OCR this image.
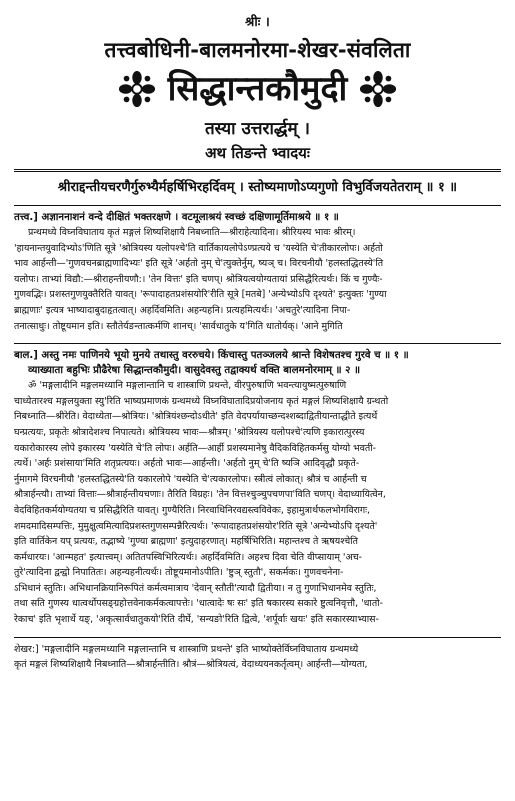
श्रीः ।
तत्त्वबोधिनी-बालमनोरमा-शेखर-संवलिता
सिद्धान्तकौमुदी
तस्या उत्तरार्द्धम् ।
अथ तिङन्ते भ्वादयः
श्रीराद्दन्तीयचरणैर्गुरुभ्यैर्महर्षिभिरहर्दिवम् । स्तोष्यमाणोऽप्यगुणो विभुर्विजयतेतराम् ॥ १ ॥

तत्त्व.] अज्ञाननाशनं वन्दे दीक्षितं भक्तरक्षणे । वटमूलाश्रयं स्वच्छं दक्षिणामूर्तिमाश्रये ॥ १ ॥

प्रन्थमध्ये विघ्नविघाताय कृतं मङ्गलं शिष्यशिक्षायै निबध्नाति—श्रीराहेत्यादिना। श्रीरियस्य भावः श्रीरम्।

'हायनान्तयुवादिभ्योऽ'णिति सूत्रे 'श्रोत्रियस्य यलोपश्चे'ति वार्तिकायलोपेऽण्प्रत्यये च 'यस्येति चे'तीकारलोपः। अर्हतो

भाव आर्हन्ती—'गुणवचनब्राह्मणादिभ्यः' इति सूत्रे 'अर्हतो नुम् चे'त्युक्तेर्नुम्, ष्यञ् च। विरचनीयौ 'हलस्तद्धितस्ये'ति

यलोपः। ताभ्यां विद्यौ:—श्रीराहन्तीयणौ:। 'तेन वित्तः' इति चणप्। श्रोत्रियत्वयोग्यतायां प्रसिद्धैरित्यर्थः। किं च गुण्यैः-

गुणवद्भिः। प्रशस्तगुणयुक्तैरिति यावत्। 'रूपादाहतप्रशंसयोरि'रीति सूत्रे [मतबे] 'अन्येभ्योऽपि दृश्यते' इत्युक्तः 'गुण्या

ब्राह्मणाः' इत्यत्र भाष्यादाबुदाहृतत्वात्। अहर्दिवमिति। अहन्यहनि। प्रत्यहमित्यर्थः। 'अचतुरे'त्यादिना निपा-

तनात्साधुः। तोष्टूयमान इति। स्तौतेर्यङन्तात्कर्मणि शानच्। 'सार्वधातुके य'गिति धातोर्यक्। 'आने मुगिति

बाल.] अस्तु नमः पाणिनये भूयो मुनये तथास्तु वररुचये। किंचास्तु पतञ्जलये श्रान्ते विशेषतश्च गुरवे च ॥ १ ॥

व्याख्याता बहुभिः प्रौढैरेषा सिद्धान्तकौमुदी। वासुदेवस्तु तद्वाक्यर्थ वक्ति बालमनोरमाम् ॥ २ ॥

ॐ 'मङ्गलादीनि मङ्गलमध्यानि मङ्गलान्तानि च शास्त्राणि प्रथन्ते, वीरपुरुषाणि भवन्त्यायुष्मत्पुरुषाणि

चाध्येतारश्च मङ्गलयुक्ता स्यु'रिति भाष्यप्रमाणकं ग्रन्थमध्ये विघ्नविघातादिप्रयोजनाय कृतं मङ्गलं शिष्यशिक्षायै ग्रन्थतो

निबध्नाति—श्रीरेति। वेदाध्येता—श्रोत्रियः। 'श्रोत्रियंश्छन्दोऽधीते' इति वेदपर्यायाच्छन्दश्शब्दाद्वितीयान्ताद्धीते इत्यर्थे

घन्प्रत्ययः, प्रकृतेः श्रोत्रादेशश्च निपात्यते। श्रोत्रियस्य भावः—श्रौत्रम्। 'श्रोत्रियस्य यलोपश्चे'त्यणि इकारात्पुरस्य

यकारोकारस्य लोपे इकारस्य 'यस्येति चे'ति लोपः। अर्हति—आर्ही प्रशस्यमानेषु वैदिकविहितकर्मसु योग्यो भवती-

त्यर्थे। 'अर्हः प्रशंसाया'मिति शतृप्रत्ययः। अर्हतो भावः—आर्हन्ती। 'अर्हतो नुम् चे'ति ष्यञि आदिवृद्धौ प्रकृते-

र्नुमागमे विरचनीयौ 'हलस्तद्धितस्ये'ति यकारलोपे 'यस्येति चे'त्यकारलोपः। स्त्रीत्वं लोकात्। श्रौत्रं च आर्हन्ती च

श्रौत्रार्हन्त्यौ। ताभ्यां वित्ताः—श्रौत्रार्हन्तीयचणाः। तैरिति विग्रहः। 'तेन वित्तश्चुञ्चुपचणपा'विति चणप्। वेदाध्यायित्वेन,

वेदविहितकर्मयोग्यतया च प्रसिद्धैरिति यावत्। गुण्यैरिति। निरवाधिनिरवद्यस्त्वविवेकः, इहामुत्रार्थफलभोगविरागः,

शमदमादिसम्पत्तिः, मुमुक्षुत्वमित्यादिप्रशस्तगुणसम्पन्नैरित्यर्थः। 'रूपादाहतप्रशंसयोर'रिति सूत्रे 'अन्येभ्योऽपि दृश्यते'

इति वार्तिकेन यप् प्रत्ययः, तद्भाष्ये 'गुण्या ब्राह्मणा' इत्युदाहरणात्। महर्षिभिरिति। महान्तश्च ते ऋषयश्चेति

कर्मधारयः। 'आन्महत' इत्यात्त्वम्। अतितपस्विभिरित्यर्थः। अहर्दिवमिति। अहश्च दिवा चेति वीप्सायाम् 'अच-

तुरे'त्यादिना द्वन्द्वो निपातितः। अहन्यहनीत्यर्थः। तोष्टूयमानोऽपीति। 'ष्टुञ् स्तुतौ', सकर्मकः। गुणवचनेना-

ऽभिधानं स्तुतिः। अभिधानक्रियानिरूपितं कर्मत्वमात्राय 'देवान् स्तौती'त्यादौ द्वितीया। न तु गुणाभिधानमेव स्तुतिः,

तथा सति गुणस्य धात्वर्थोपसङ्ग्रहोत्तवेनाकर्मकत्वापत्तेः। 'धात्वादेः षः सः' इति षकारस्य सकारे ष्टुत्वनिवृत्तौ, 'धातो-

रेकाच' इति भृशार्थे यङ्, 'अकृत्सार्वधातुकयो'रिति दीर्घे, 'सन्यङो'रिति द्वित्वे, 'शर्पूर्वाः खयः' इति सकारस्याभ्यास-

शेखर:] 'मङ्गलादीनि मङ्गलमध्यानि मङ्गलान्तानि च शास्त्राणि प्रथन्ते' इति भाष्योक्तेर्विघ्नविघाताय ग्रन्थमध्ये

कृतं मङ्गलं शिष्यशिक्षायै निबध्नाति—श्रौत्रार्हन्तीति। श्रौत्रं—श्रोत्रियत्वं, वेदाध्ययनकर्तृत्वम्। आर्हन्ती—योग्यता,
